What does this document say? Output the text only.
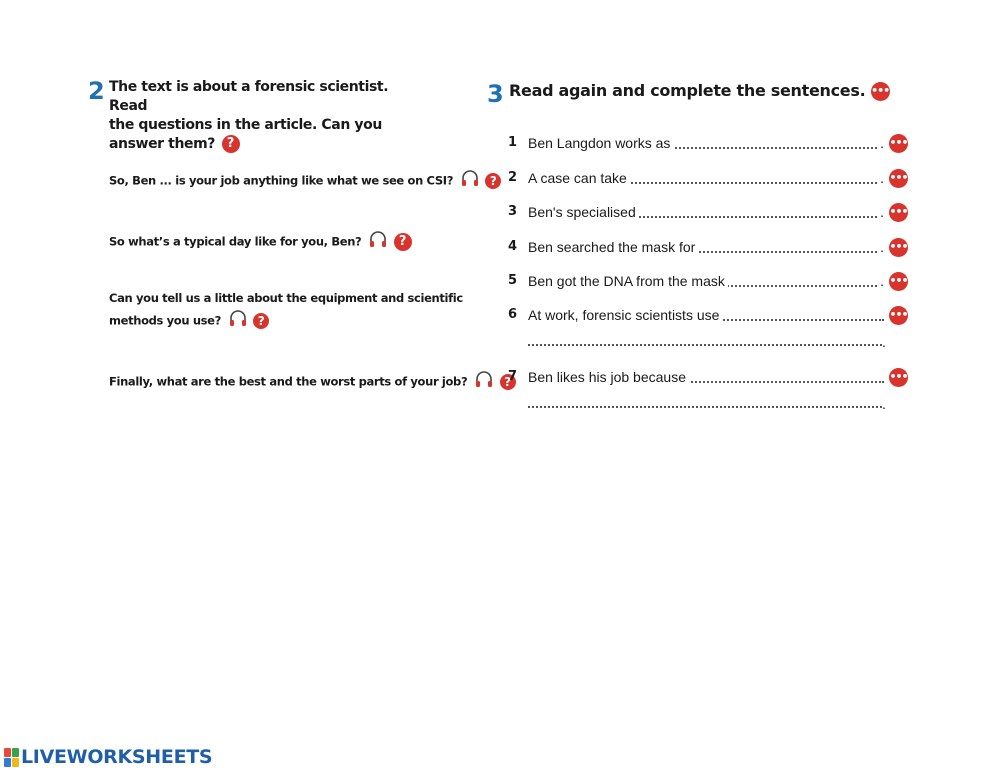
2 The text is about a forensic scientist. Read
the questions in the article. Can you
answer them? ?
So, Ben ... is your job anything like what we see on CSI?	?
So what’s a typical day like for you, Ben?	?
Can you tell us a little about the equipment and scientific
methods you use?	?
Finally, what are the best and the worst parts of your job?	?
3 Read again and complete the sentences. •••
1 Ben Langdon works as	. •••
2 A case can take	. •••
3 Ben's specialised	. •••
4 Ben searched the mask for	. •••
5 Ben got the DNA from the mask	. •••
6 At work, forensic scientists use	•••
.
7 Ben likes his job because	•••
.
LIVEWORKSHEETS
